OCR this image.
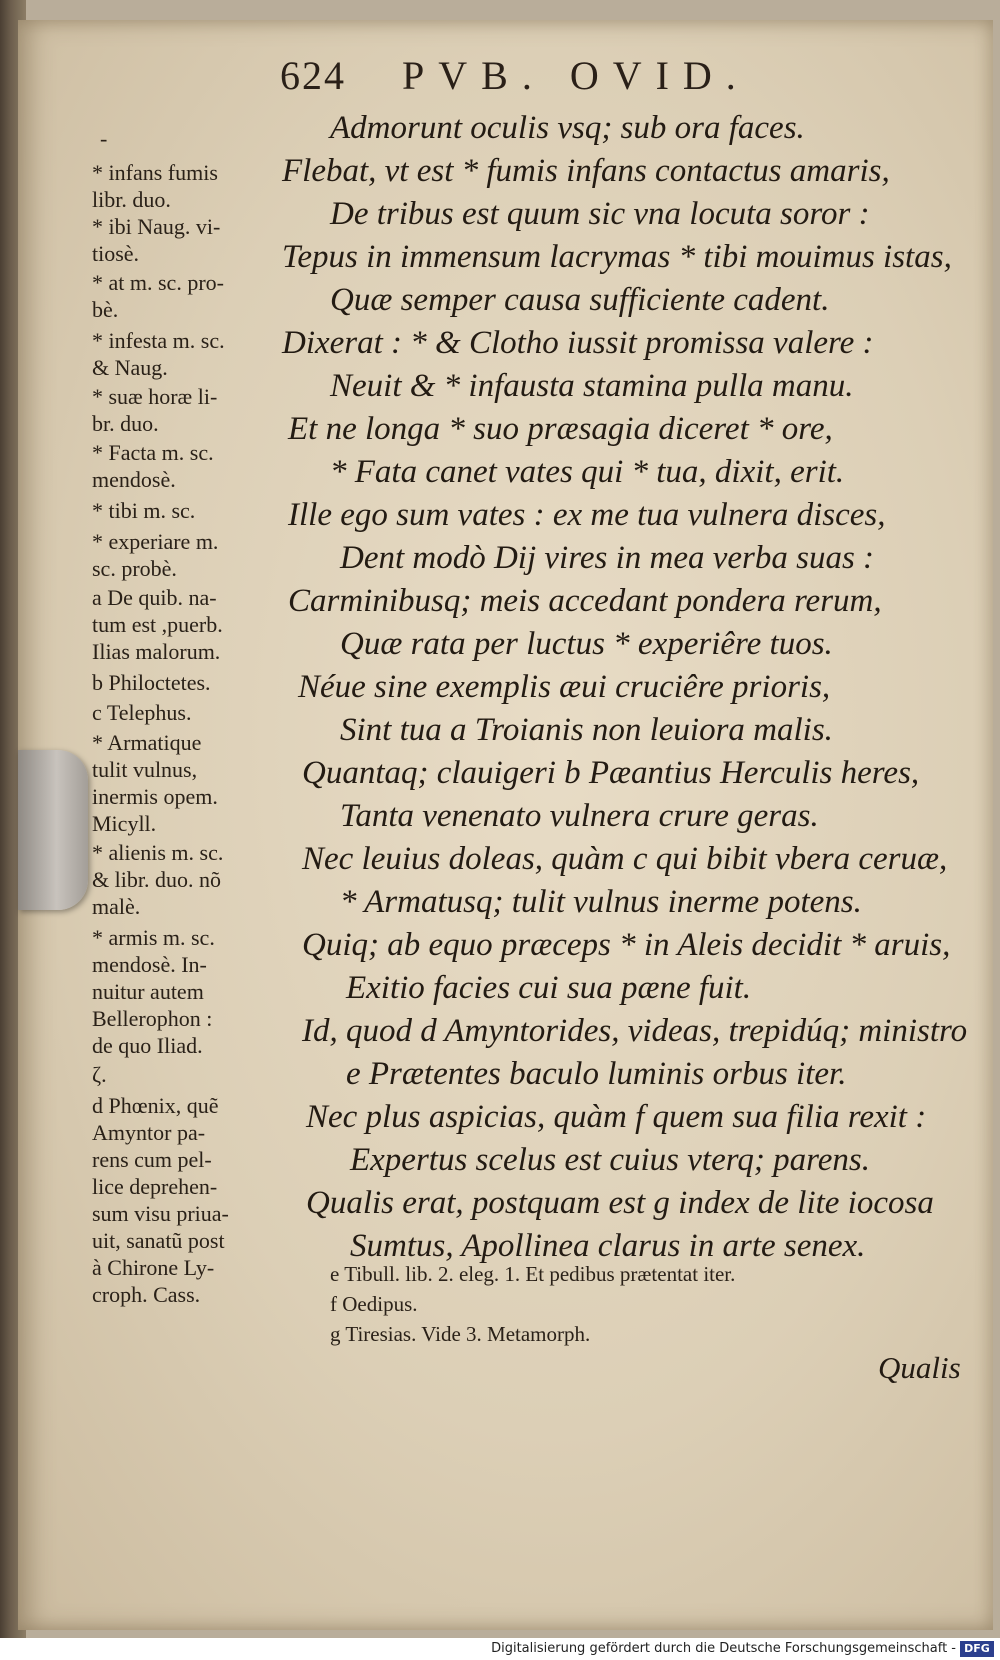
624 PVB. OVID.
Admorunt oculis vsq; sub ora faces.
Flebat, vt est * fumis infans contactus amaris,
De tribus est quum sic vna locuta soror :
Tepus in immensum lacrymas * tibi mouimus istas,
Quæ semper causa sufficiente cadent.
Dixerat : * & Clotho iussit promissa valere :
Neuit & * infausta stamina pulla manu.
Et ne longa * suo præsagia diceret * ore,
* Fata canet vates qui * tua, dixit, erit.
Ille ego sum vates : ex me tua vulnera disces,
Dent modò Dij vires in mea verba suas :
Carminibusq; meis accedant pondera rerum,
Quæ rata per luctus * experiêre tuos.
Néue sine exemplis æui cruciêre prioris,
Sint tua a Troianis non leuiora malis.
Quantaq; clauigeri b Pæantius Herculis heres,
Tanta venenato vulnera crure geras.
Nec leuius doleas, quàm c qui bibit vbera ceruæ,
* Armatusq; tulit vulnus inerme potens.
Quiq; ab equo præceps * in Aleis decidit * aruis,
Exitio facies cui sua pæne fuit.
Id, quod d Amyntorides, videas, trepidúq; ministro
e Prætentes baculo luminis orbus iter.
Nec plus aspicias, quàm f quem sua filia rexit :
Expertus scelus est cuius vterq; parens.
Qualis erat, postquam est g index de lite iocosa
Sumtus, Apollinea clarus in arte senex.
-
* infans fumis
libr. duo.
* ibi Naug. vi-
tiosè.
* at m. sc. pro-
bè.
* infesta m. sc.
& Naug.
* suæ horæ li-
br. duo.
* Facta m. sc.
mendosè.
* tibi m. sc.
* experiare m.
sc. probè.
a De quib. na-
tum est ,puerb.
Ilias malorum.
b Philoctetes.
c Telephus.
* Armatique
tulit vulnus,
inermis opem.
Micyll.
* alienis m. sc.
& libr. duo. nõ
malè.
* armis m. sc.
mendosè. In-
nuitur autem
Bellerophon :
de quo Iliad.
ζ.
d Phœnix, quẽ
Amyntor pa-
rens cum pel-
lice deprehen-
sum visu priua-
uit, sanatũ post
à Chirone Ly-
croph. Cass.
e Tibull. lib. 2. eleg. 1. Et pedibus prætentat iter.
f Oedipus.
g Tiresias. Vide 3. Metamorph.
Qualis
Digitalisierung gefördert durch die Deutsche Forschungsgemeinschaft - DFG
